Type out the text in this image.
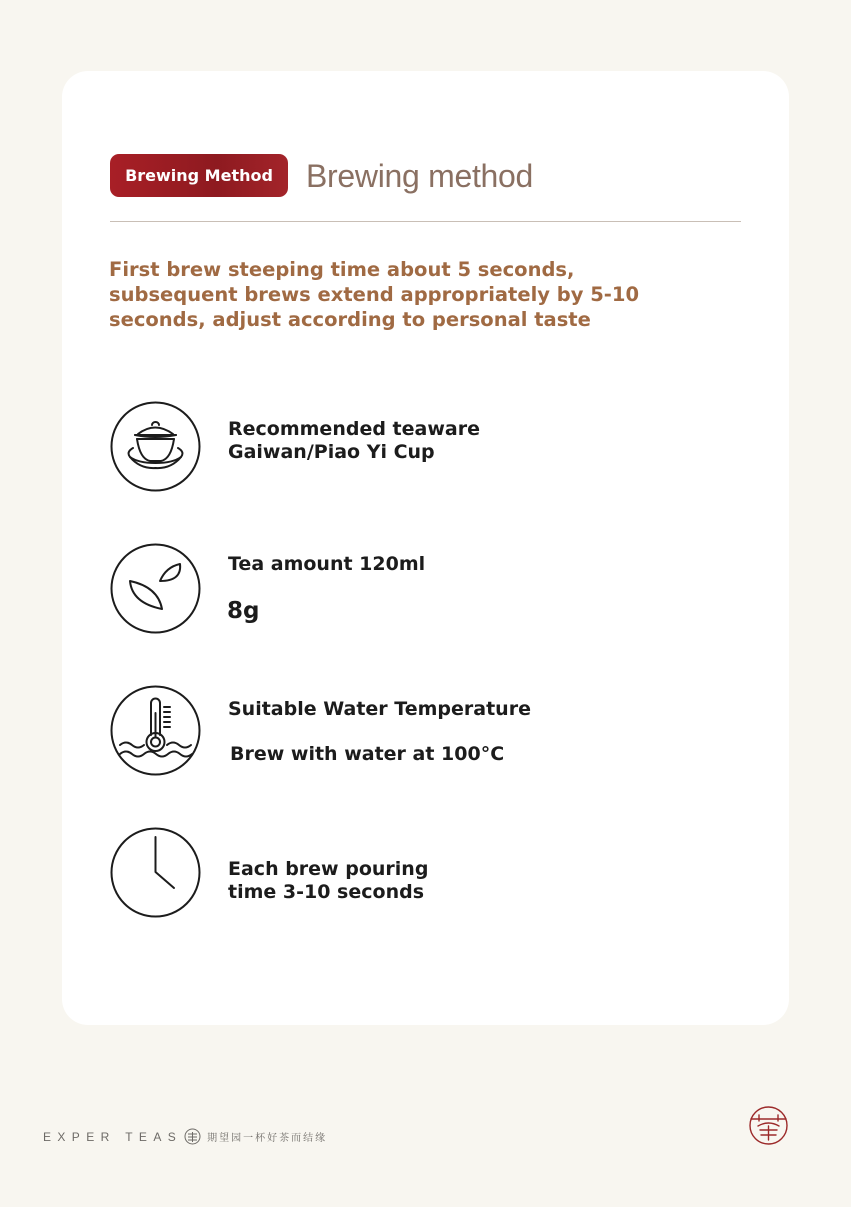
Brewing Method	Brewing method
First brew steeping time about 5 seconds, subsequent brews extend appropriately by 5-10 seconds, adjust according to personal taste
Recommended teaware
Gaiwan/Piao Yi Cup
Tea amount 120ml
8g
Suitable Water Temperature
Brew with water at 100°C
Each brew pouring
time 3-10 seconds
EXPER TEAS	期望园一杯好茶而结缘
